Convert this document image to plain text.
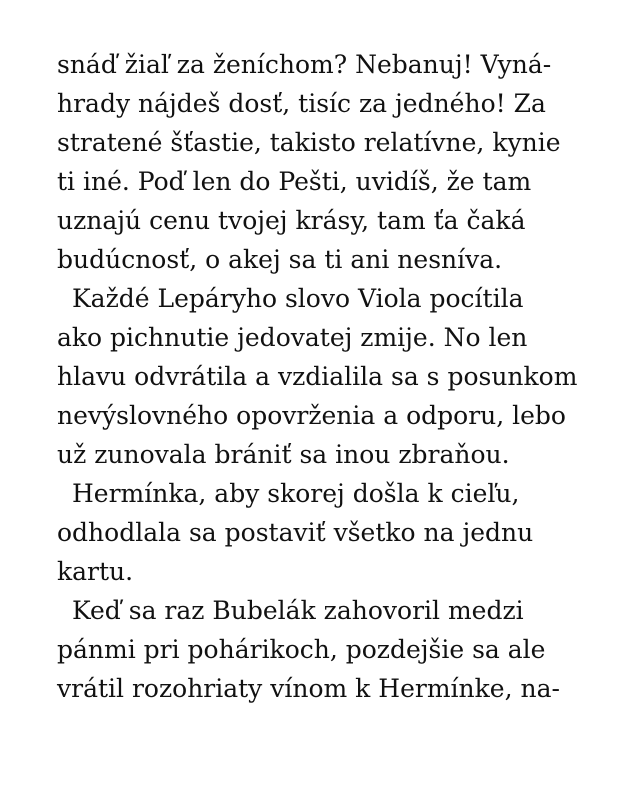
snáď žiaľ za ženíchom? Nebanuj! Vyná-
hrady nájdeš dosť, tisíc za jedného! Za
stratené šťastie, takisto relatívne, kynie
ti iné. Poď len do Pešti, uvidíš, že tam
uznajú cenu tvojej krásy, tam ťa čaká
budúcnosť, o akej sa ti ani nesníva.
Každé Lepáryho slovo Viola pocítila
ako pichnutie jedovatej zmije. No len
hlavu odvrátila a vzdialila sa s posunkom
nevýslovného opovrženia a odporu, lebo
už zunovala brániť sa inou zbraňou.
Hermínka, aby skorej došla k cieľu,
odhodlala sa postaviť všetko na jednu
kartu.
Keď sa raz Bubelák zahovoril medzi
pánmi pri pohárikoch, pozdejšie sa ale
vrátil rozohriaty vínom k Hermínke, na-
